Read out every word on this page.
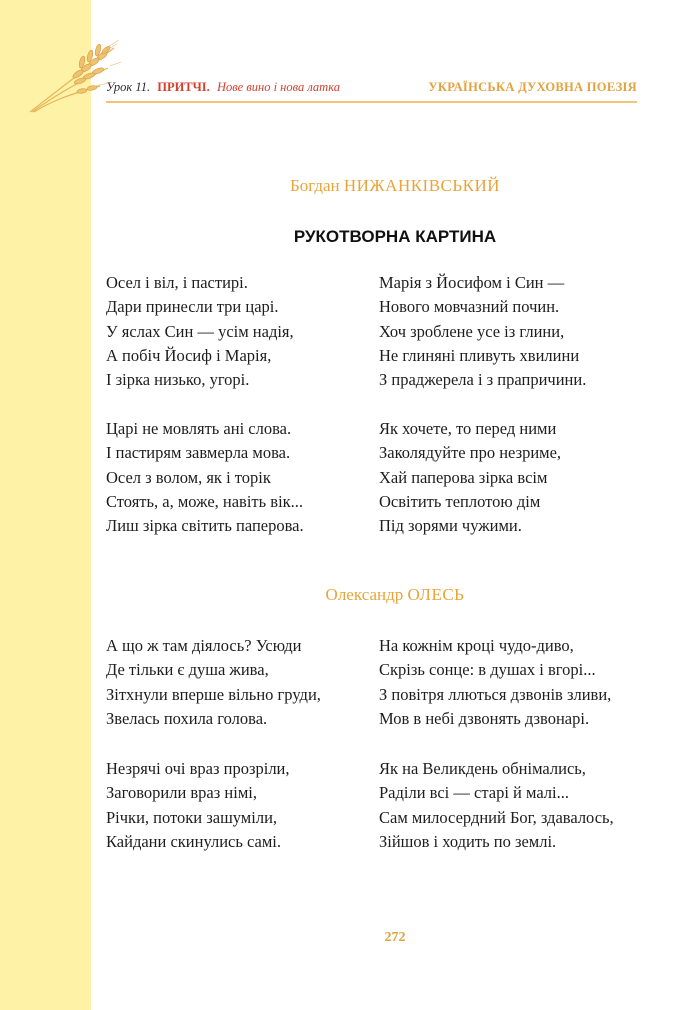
Урок 11. ПРИТЧІ. Нове вино і нова латка	УКРАЇНСЬКА ДУХОВНА ПОЕЗІЯ
Богдан НИЖАНКІВСЬКИЙ
РУКОТВОРНА КАРТИНА
Осел і віл, і пастирі.
Дари принесли три царі.
У яслах Син — усім надія,
А побіч Йосиф і Марія,
І зірка низько, угорі.
Марія з Йосифом і Син —
Нового мовчазний почин.
Хоч зроблене усе із глини,
Не глиняні пливуть хвилини
З праджерела і з прапричини.
Царі не мовлять ані слова.
І пастирям завмерла мова.
Осел з волом, як і торік
Стоять, а, може, навіть вік...
Лиш зірка світить паперова.
Як хочете, то перед ними
Заколядуйте про незриме,
Хай паперова зірка всім
Освітить теплотою дім
Під зорями чужими.
Олександр ОЛЕСЬ
А що ж там діялось? Усюди
Де тільки є душа жива,
Зітхнули вперше вільно груди,
Звелась похила голова.
На кожнім кроці чудо-диво,
Скрізь сонце: в душах і вгорі...
З повітря ллються дзвонів зливи,
Мов в небі дзвонять дзвонарі.
Незрячі очі враз прозріли,
Заговорили враз німі,
Річки, потоки зашуміли,
Кайдани скинулись самі.
Як на Великдень обнімались,
Раділи всі — старі й малі...
Сам милосердний Бог, здавалось,
Зійшов і ходить по землі.
272
